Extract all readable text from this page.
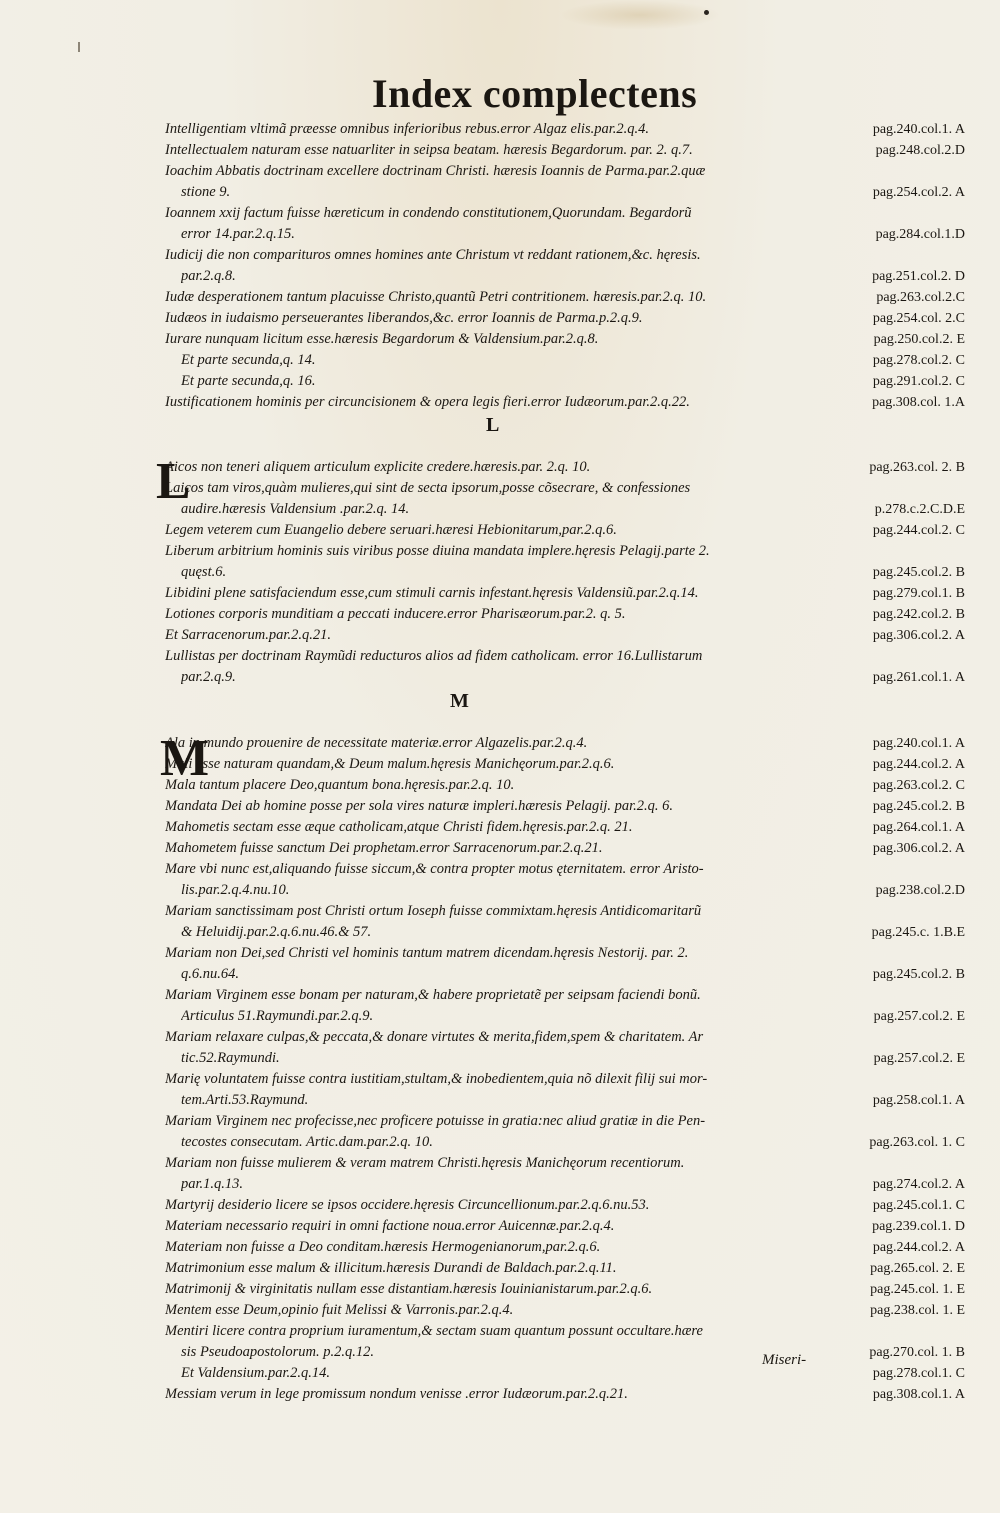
Index complectens
L
M
L
M
Intelligentiam vltimã præesse omnibus inferioribus rebus.error Algaz elis.par.2.q.4.	pag.240.col.1. A
Intellectualem naturam esse natuarliter in seipsa beatam. hæresis Begardorum. par. 2. q.7.	pag.248.col.2.D
Ioachim Abbatis doctrinam excellere doctrinam Christi. hæresis Ioannis de Parma.par.2.quæ
stione 9.	pag.254.col.2. A
Ioannem xxij factum fuisse hæreticum in condendo constitutionem,Quorundam. Begardorũ
error 14.par.2.q.15.	pag.284.col.1.D
Iudicij die non comparituros omnes homines ante Christum vt reddant rationem,&c. hęresis.
par.2.q.8.	pag.251.col.2. D
Iudæ desperationem tantum placuisse Christo,quantũ Petri contritionem. hæresis.par.2.q. 10.	pag.263.col.2.C
Iudæos in iudaismo perseuerantes liberandos,&c. error Ioannis de Parma.p.2.q.9.	pag.254.col. 2.C
Iurare nunquam licitum esse.hæresis Begardorum & Valdensium.par.2.q.8.	pag.250.col.2. E
Et parte secunda,q. 14.	pag.278.col.2. C
Et parte secunda,q. 16.	pag.291.col.2. C
Iustificationem hominis per circuncisionem & opera legis fieri.error Iudæorum.par.2.q.22.	pag.308.col. 1.A
Aicos non teneri aliquem articulum explicite credere.hæresis.par. 2.q. 10.	pag.263.col. 2. B
Laicos tam viros,quàm mulieres,qui sint de secta ipsorum,posse cõsecrare, & confessiones
audire.hæresis Valdensium .par.2.q. 14.	p.278.c.2.C.D.E
Legem veterem cum Euangelio debere seruari.hæresi Hebionitarum,par.2.q.6.	pag.244.col.2. C
Liberum arbitrium hominis suis viribus posse diuina mandata implere.hęresis Pelagij.parte 2.
quęst.6.	pag.245.col.2. B
Libidini plene satisfaciendum esse,cum stimuli carnis infestant.hęresis Valdensiũ.par.2.q.14.	pag.279.col.1. B
Lotiones corporis munditiam a peccati inducere.error Pharisæorum.par.2. q. 5.	pag.242.col.2. B
Et Sarracenorum.par.2.q.21.	pag.306.col.2. A
Lullistas per doctrinam Raymũdi reducturos alios ad fidem catholicam. error 16.Lullistarum
par.2.q.9.	pag.261.col.1. A
Ala in mundo prouenire de necessitate materiæ.error Algazelis.par.2.q.4.	pag.240.col.1. A
Mali esse naturam quandam,& Deum malum.hęresis Manichęorum.par.2.q.6.	pag.244.col.2. A
Mala tantum placere Deo,quantum bona.hęresis.par.2.q. 10.	pag.263.col.2. C
Mandata Dei ab homine posse per sola vires naturæ impleri.hæresis Pelagij. par.2.q. 6.	pag.245.col.2. B
Mahometis sectam esse æque catholicam,atque Christi fidem.hęresis.par.2.q. 21.	pag.264.col.1. A
Mahometem fuisse sanctum Dei prophetam.error Sarracenorum.par.2.q.21.	pag.306.col.2. A
Mare vbi nunc est,aliquando fuisse siccum,& contra propter motus ęternitatem. error Aristo-
lis.par.2.q.4.nu.10.	pag.238.col.2.D
Mariam sanctissimam post Christi ortum Ioseph fuisse commixtam.hęresis Antidicomaritarũ
& Heluidij.par.2.q.6.nu.46.& 57.	pag.245.c. 1.B.E
Mariam non Dei,sed Christi vel hominis tantum matrem dicendam.hęresis Nestorij. par. 2.
q.6.nu.64.	pag.245.col.2. B
Mariam Virginem esse bonam per naturam,& habere proprietatẽ per seipsam faciendi bonũ.
Articulus 51.Raymundi.par.2.q.9.	pag.257.col.2. E
Mariam relaxare culpas,& peccata,& donare virtutes & merita,fidem,spem & charitatem. Ar
tic.52.Raymundi.	pag.257.col.2. E
Marię voluntatem fuisse contra iustitiam,stultam,& inobedientem,quia nõ dilexit filij sui mor-
tem.Arti.53.Raymund.	pag.258.col.1. A
Mariam Virginem nec profecisse,nec proficere potuisse in gratia:nec aliud gratiæ in die Pen-
tecostes consecutam. Artic.dam.par.2.q. 10.	pag.263.col. 1. C
Mariam non fuisse mulierem & veram matrem Christi.hęresis Manichęorum recentiorum.
par.1.q.13.	pag.274.col.2. A
Martyrij desiderio licere se ipsos occidere.hęresis Circuncellionum.par.2.q.6.nu.53.	pag.245.col.1. C
Materiam necessario requiri in omni factione noua.error Auicennæ.par.2.q.4.	pag.239.col.1. D
Materiam non fuisse a Deo conditam.hæresis Hermogenianorum,par.2.q.6.	pag.244.col.2. A
Matrimonium esse malum & illicitum.hæresis Durandi de Baldach.par.2.q.11.	pag.265.col. 2. E
Matrimonij & virginitatis nullam esse distantiam.hæresis Iouinianistarum.par.2.q.6.	pag.245.col. 1. E
Mentem esse Deum,opinio fuit Melissi & Varronis.par.2.q.4.	pag.238.col. 1. E
Mentiri licere contra proprium iuramentum,& sectam suam quantum possunt occultare.hære
sis Pseudoapostolorum. p.2.q.12.	pag.270.col. 1. B
Et Valdensium.par.2.q.14.	pag.278.col.1. C
Messiam verum in lege promissum nondum venisse .error Iudæorum.par.2.q.21.	pag.308.col.1. A
Miseri-
